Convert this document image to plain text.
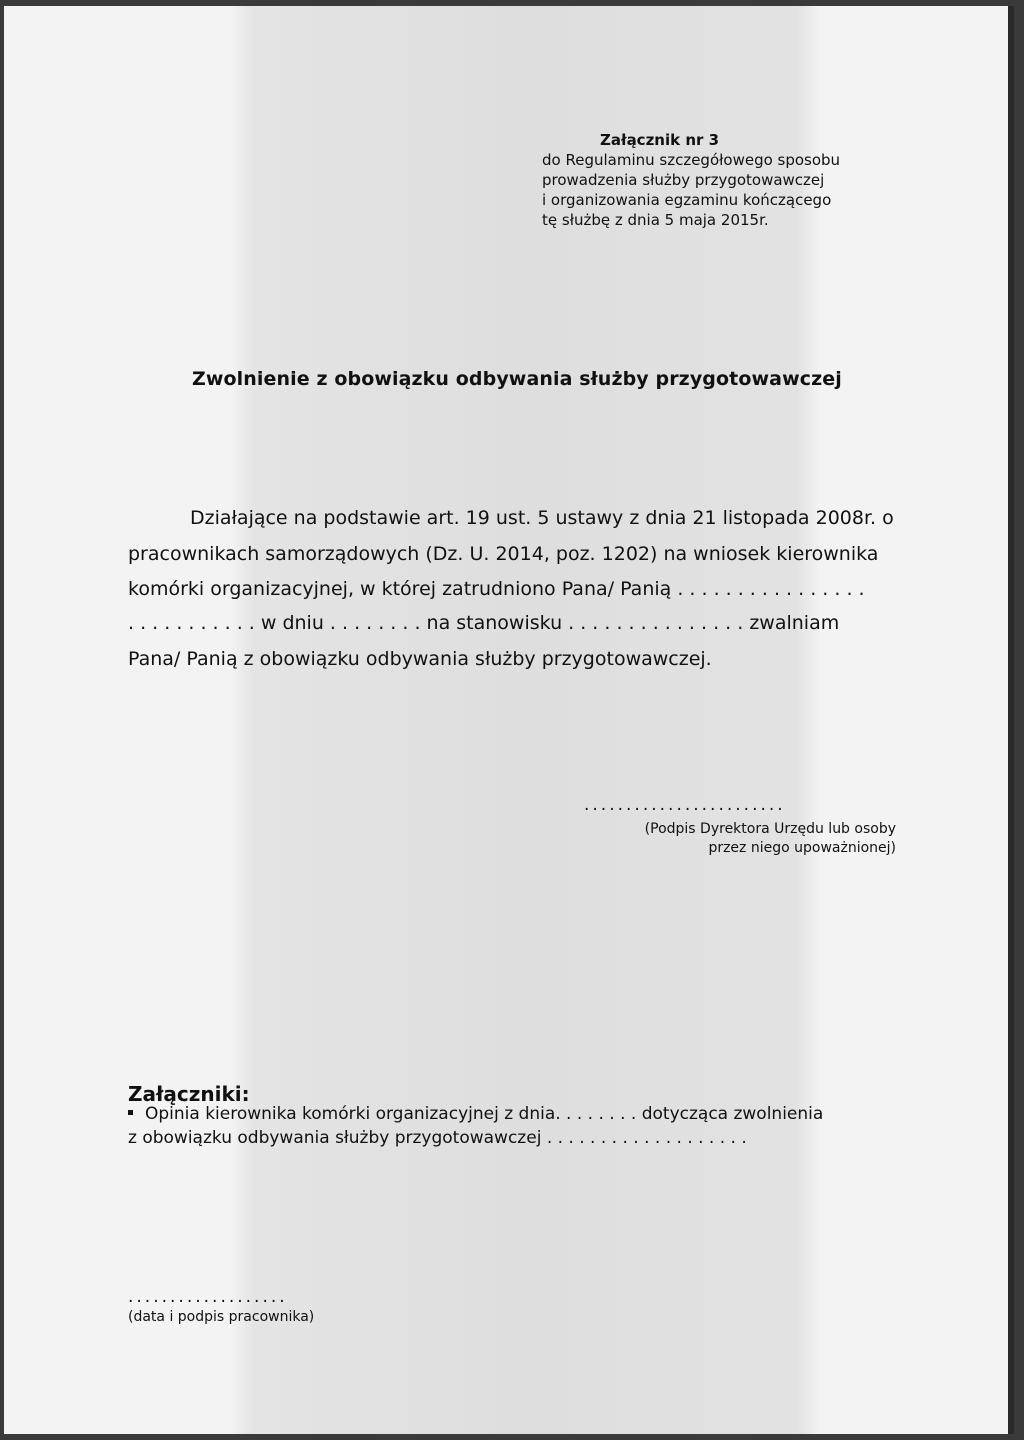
Załącznik nr 3
do Regulaminu szczegółowego sposobu
prowadzenia służby przygotowawczej
i organizowania egzaminu kończącego
tę służbę z dnia 5 maja 2015r.
Zwolnienie z obowiązku odbywania służby przygotowawczej
Działające na podstawie art. 19 ust. 5 ustawy z dnia 21 listopada 2008r. o
pracownikach samorządowych (Dz. U. 2014, poz. 1202) na wniosek kierownika
komórki organizacyjnej, w której zatrudniono Pana/ Panią . . . . . . . . . . . . . . . .
. . . . . . . . . . . w dniu . . . . . . . . na stanowisku . . . . . . . . . . . . . . . zwalniam
Pana/ Panią z obowiązku odbywania służby przygotowawczej.
........................
(Podpis Dyrektora Urzędu lub osoby
przez niego upoważnionej)
Załączniki:
Opinia kierownika komórki organizacyjnej z dnia. . . . . . . . dotycząca zwolnienia
z obowiązku odbywania służby przygotowawczej . . . . . . . . . . . . . . . . . . .
...................
(data i podpis pracownika)
